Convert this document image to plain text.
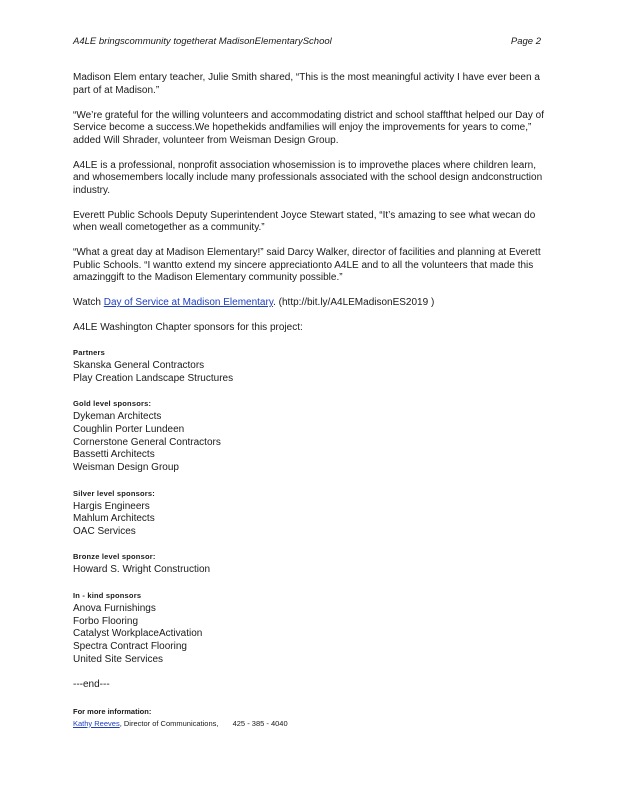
A4LE bringscommunity togetherat MadisonElementarySchool	Page 2

Madison Elem entary teacher, Julie Smith shared, “This is the most meaningful activity I have ever been a part of at Madison.”

“We’re grateful for the willing volunteers and accommodating district and school staffthat helped our Day of Service become a success.We hopethekids andfamilies will enjoy the improvements for years to come,” added Will Shrader, volunteer from Weisman Design Group.

A4LE is a professional, nonprofit association whosemission is to improvethe places where children learn, and whosemembers locally include many professionals associated with the school design andconstruction industry.

Everett Public Schools Deputy Superintendent Joyce Stewart stated, “It’s amazing to see what wecan do when weall cometogether as a community.”

“What a great day at Madison Elementary!” said Darcy Walker, director of facilities and planning at Everett Public Schools. “I wantto extend my sincere appreciationto A4LE and to all the volunteers that made this amazinggift to the Madison Elementary community possible.”

Watch Day of Service at Madison Elementary. (http://bit.ly/A4LEMadisonES2019 )

A4LE Washington Chapter sponsors for this project:

Partners
Skanska General Contractors
Play Creation Landscape Structures
Gold level sponsors:
Dykeman Architects
Coughlin Porter Lundeen
Cornerstone General Contractors
Bassetti Architects
Weisman Design Group
Silver level sponsors:
Hargis Engineers
Mahlum Architects
OAC Services
Bronze level sponsor:
Howard S. Wright Construction
In - kind sponsors
Anova Furnishings
Forbo Flooring
Catalyst WorkplaceActivation
Spectra Contract Flooring
United Site Services
---end---
For more information:
Kathy Reeves, Director of Communications, 425 - 385 - 4040
